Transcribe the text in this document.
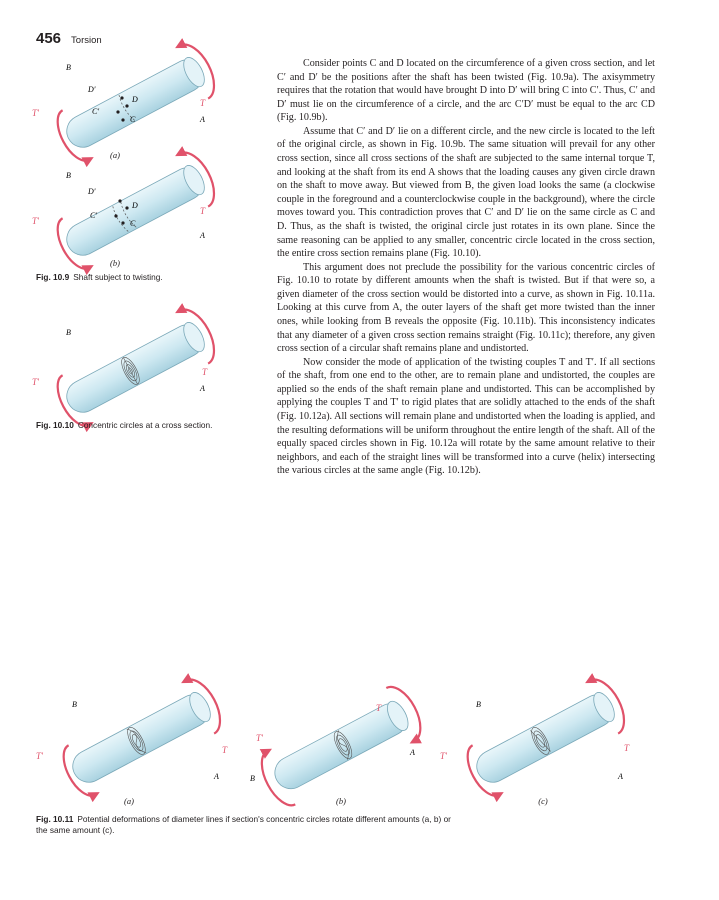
456 Torsion
B
D'
C'
D
C
T
A
T'
(a)
B
D'
C'
D
C
T
A
T'
(b)
Fig. 10.9 Shaft subject to twisting.
B
T
A
T'
Fig. 10.10 Concentric circles at a cross section.

Consider points C and D located on the circumference of a given cross section, and let C′ and D′ be the positions after the shaft has been twisted (Fig. 10.9a). The axisymmetry requires that the rotation that would have brought D into D′ will bring C into C′. Thus, C′ and D′ must lie on the circumference of a circle, and the arc C′D′ must be equal to the arc CD (Fig. 10.9b).

Assume that C′ and D′ lie on a different circle, and the new circle is located to the left of the original circle, as shown in Fig. 10.9b. The same situation will prevail for any other cross section, since all cross sections of the shaft are subjected to the same internal torque T, and looking at the shaft from its end A shows that the loading causes any given circle drawn on the shaft to move away. But viewed from B, the given load looks the same (a clockwise couple in the foreground and a counterclockwise couple in the background), where the circle moves toward you. This contradiction proves that C′ and D′ lie on the same circle as C and D. Thus, as the shaft is twisted, the original circle just rotates in its own plane. Since the same reasoning can be applied to any smaller, concentric circle located in the cross section, the entire cross section remains plane (Fig. 10.10).

This argument does not preclude the possibility for the various concentric circles of Fig. 10.10 to rotate by different amounts when the shaft is twisted. But if that were so, a given diameter of the cross section would be distorted into a curve, as shown in Fig. 10.11a. Looking at this curve from A, the outer layers of the shaft get more twisted than the inner ones, while looking from B reveals the opposite (Fig. 10.11b). This inconsistency indicates that any diameter of a given cross section remains straight (Fig. 10.11c); therefore, any given cross section of a circular shaft remains plane and undistorted.

Now consider the mode of application of the twisting couples T and T′. If all sections of the shaft, from one end to the other, are to remain plane and undistorted, the couples are applied so the ends of the shaft remain plane and undistorted. This can be accomplished by applying the couples T and T′ to rigid plates that are solidly attached to the ends of the shaft (Fig. 10.12a). All sections will remain plane and undistorted when the loading is applied, and the resulting deformations will be uniform throughout the entire length of the shaft. All of the equally spaced circles shown in Fig. 10.12a will rotate by the same amount relative to their neighbors, and each of the straight lines will be transformed into a curve (helix) intersecting the various circles at the same angle (Fig. 10.12b).

B
T
A
T'
(a)
T
A
T'
B
(b)
B
T
A
T'
(c)
Fig. 10.11 Potential deformations of diameter lines if section's concentric circles rotate different amounts (a, b) or the same amount (c).
